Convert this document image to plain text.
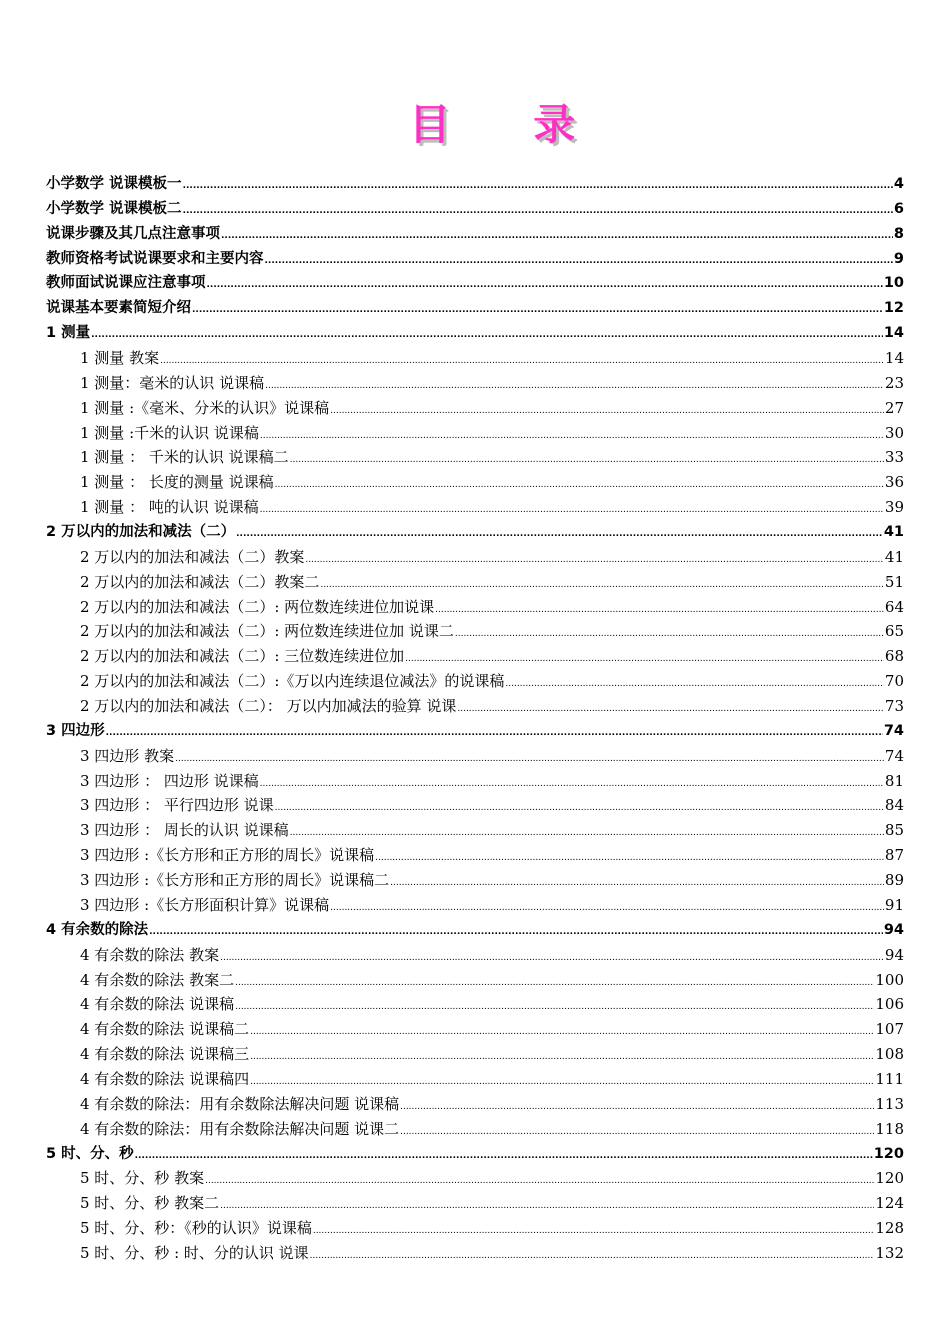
目 录
小学数学 说课模板一 .....	4
小学数学 说课模板二 .....	6
说课步骤及其几点注意事项 .....	8
教师资格考试说课要求和主要内容 .....	9
教师面试说课应注意事项 .....	10
说课基本要素简短介绍 .....	12
1 测量 .....	14
1 测量 教案 .....	14
1 测量：毫米的认识 说课稿 .....	23
1 测量 :《毫米、分米的认识》说课稿 .....	27
1 测量 :千米的认识 说课稿 .....	30
1 测量 ： 千米的认识 说课稿二 .....	33
1 测量 ： 长度的测量 说课稿 .....	36
1 测量 ： 吨的认识 说课稿 .....	39
2 万以内的加法和减法（二） .....	41
2 万以内的加法和减法（二）教案 .....	41
2 万以内的加法和减法（二）教案二 .....	51
2 万以内的加法和减法（二）: 两位数连续进位加说课 .....	64
2 万以内的加法和减法（二）: 两位数连续进位加 说课二 .....	65
2 万以内的加法和减法（二）: 三位数连续进位加 .....	68
2 万以内的加法和减法（二）:《万以内连续退位减法》的说课稿 .....	70
2 万以内的加法和减法（二）： 万以内加减法的验算 说课 .....	73
3 四边形 .....	74
3 四边形 教案 .....	74
3 四边形 ： 四边形 说课稿 .....	81
3 四边形 ： 平行四边形 说课 .....	84
3 四边形 ： 周长的认识 说课稿 .....	85
3 四边形 :《长方形和正方形的周长》说课稿 .....	87
3 四边形 :《长方形和正方形的周长》说课稿二 .....	89
3 四边形 :《长方形面积计算》说课稿 .....	91
4 有余数的除法 .....	94
4 有余数的除法 教案 .....	94
4 有余数的除法 教案二 .....	100
4 有余数的除法 说课稿 .....	106
4 有余数的除法 说课稿二 .....	107
4 有余数的除法 说课稿三 .....	108
4 有余数的除法 说课稿四 .....	111
4 有余数的除法：用有余数除法解决问题 说课稿 .....	113
4 有余数的除法：用有余数除法解决问题 说课二 .....	118
5 时、分、秒 .....	120
5 时、分、秒 教案 .....	120
5 时、分、秒 教案二 .....	124
5 时、分、秒：《秒的认识》说课稿 .....	128
5 时、分、秒 : 时、分的认识 说课 .....	132
